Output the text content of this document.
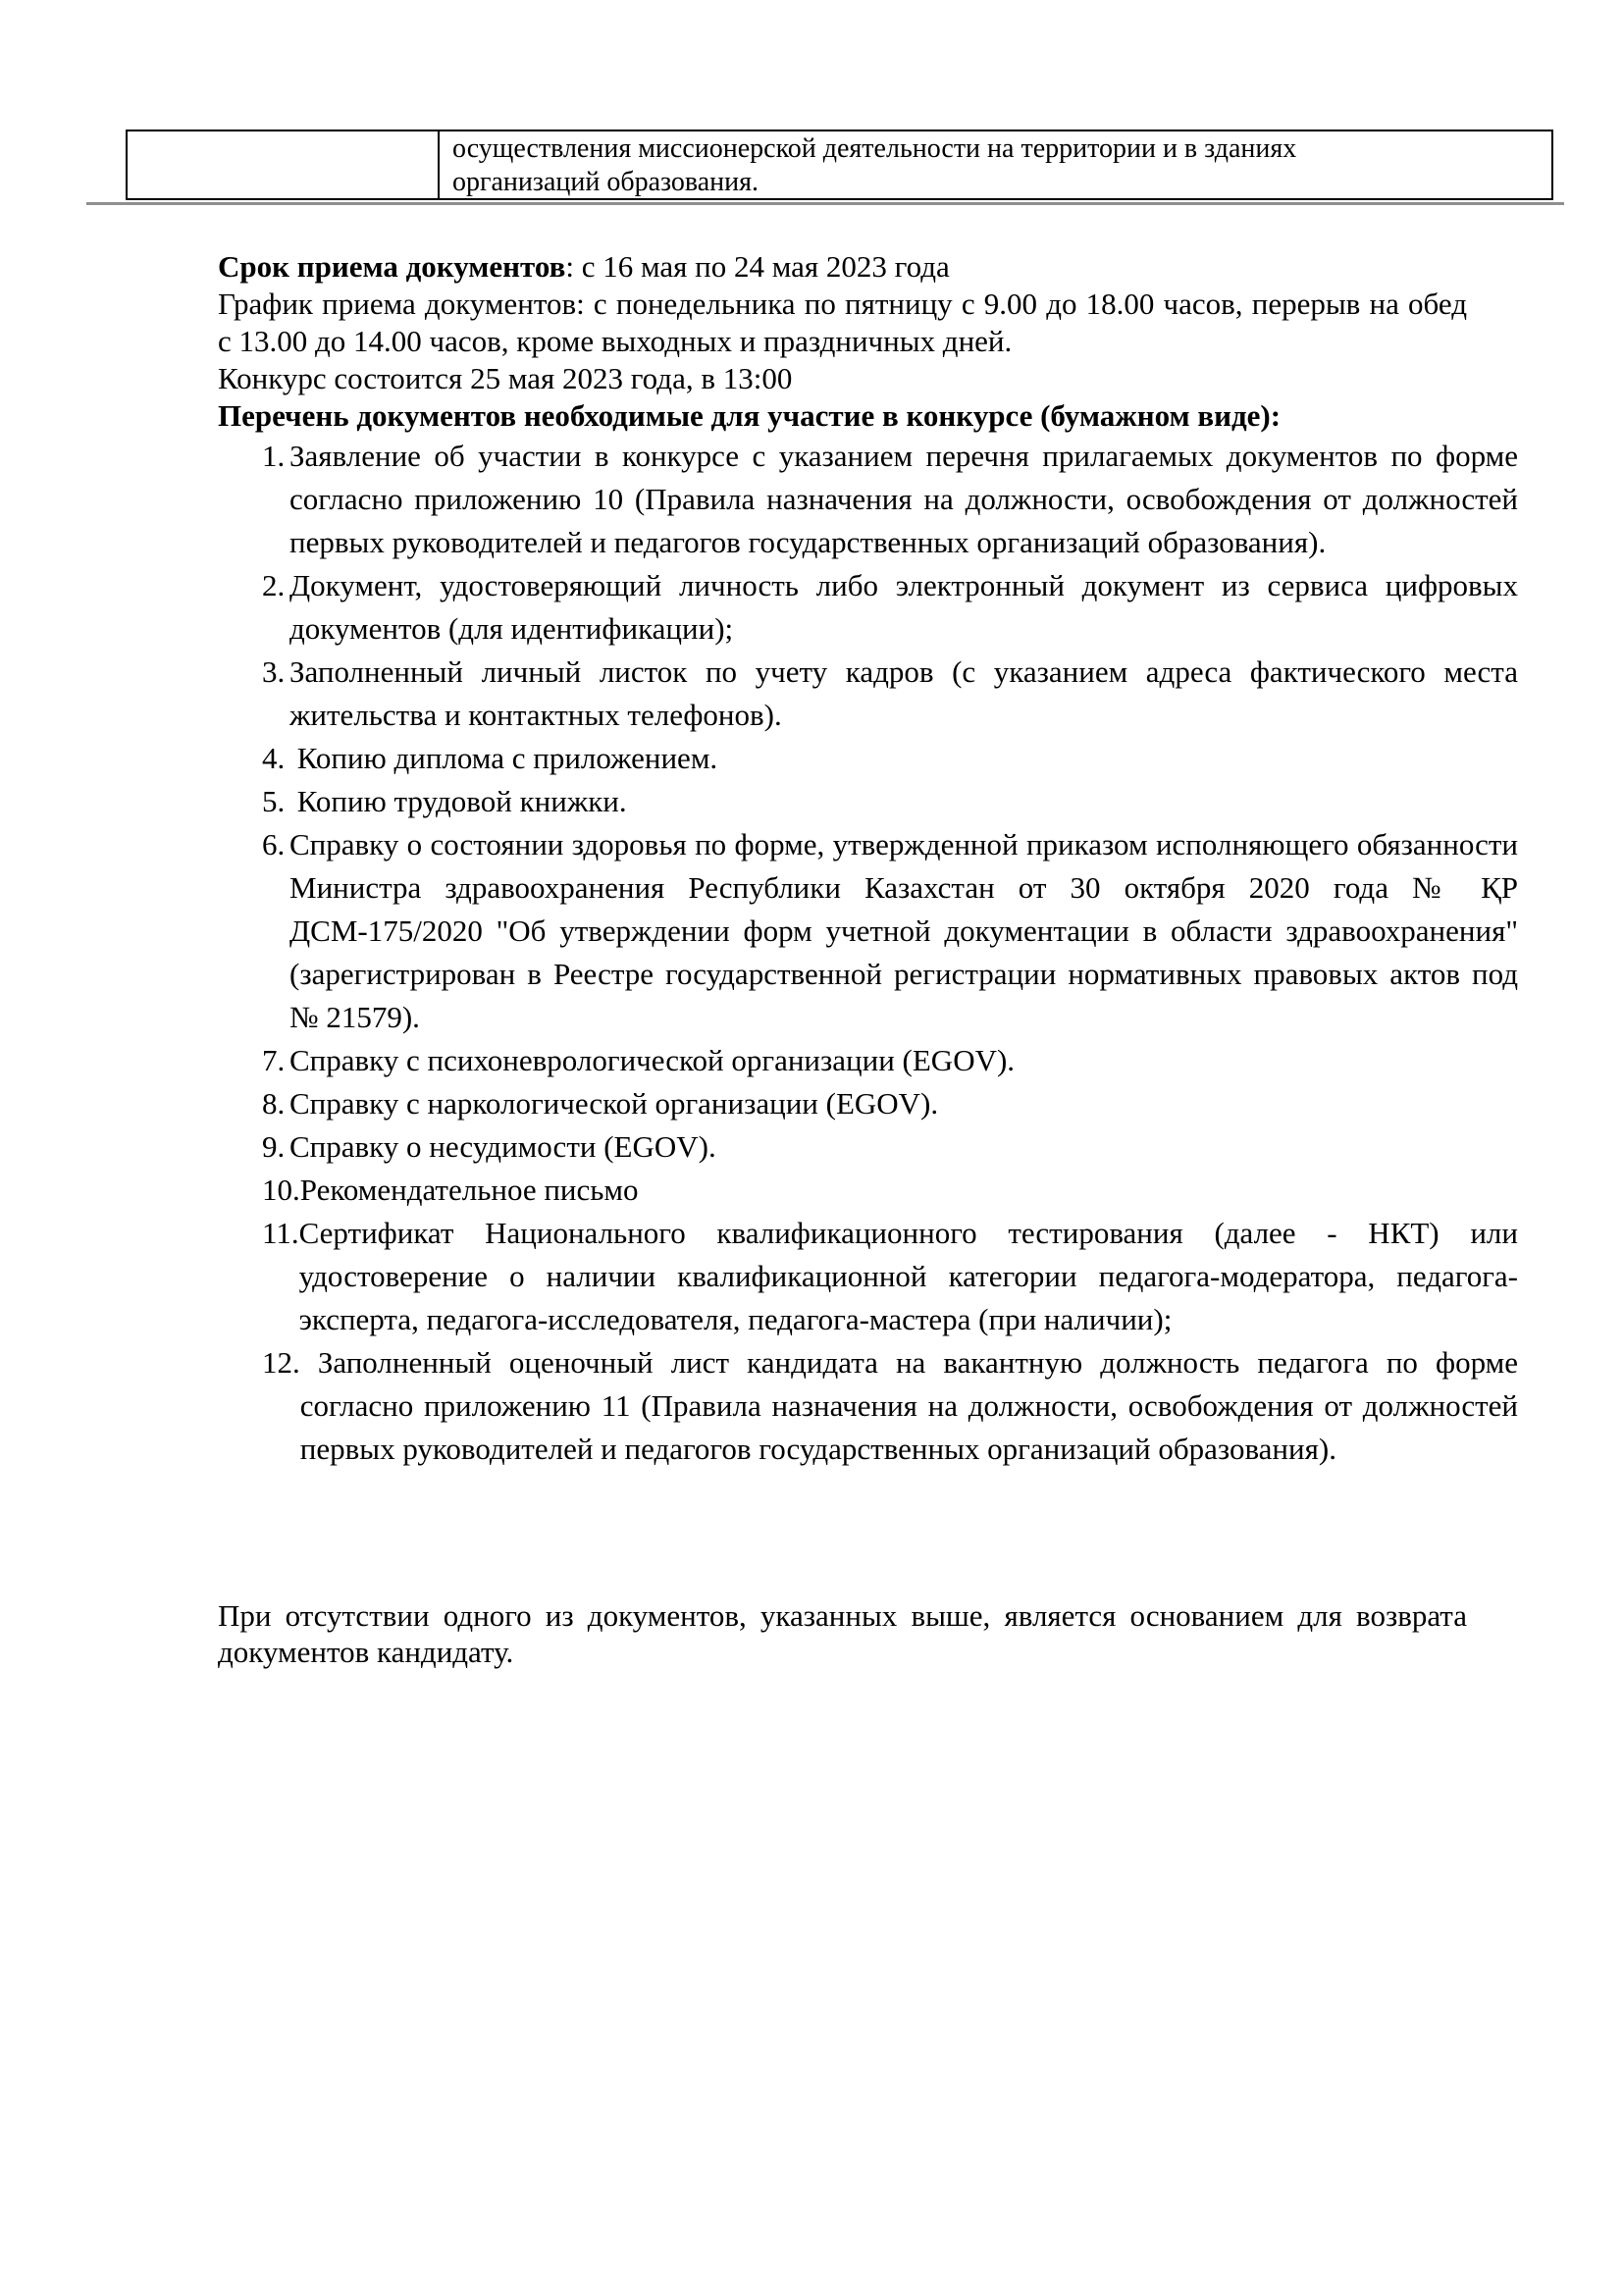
осуществления миссионерской деятельности на территории и в зданиях
организаций образования.

Срок приема документов: с 16 мая по 24 мая 2023 года

График приема документов: с понедельника по пятницу с 9.00 до 18.00 часов, перерыв на обед с 13.00 до 14.00 часов, кроме выходных и праздничных дней.

Конкурс состоится 25 мая 2023 года, в 13:00

Перечень документов необходимые для участие в конкурсе (бумажном виде):

1. Заявление об участии в конкурсе с указанием перечня прилагаемых документов по форме согласно приложению 10 (Правила назначения на должности, освобождения от должностей первых руководителей и педагогов государственных организаций образования).
2. Документ, удостоверяющий личность либо электронный документ из сервиса цифровых документов (для идентификации);
3. Заполненный личный листок по учету кадров (с указанием адреса фактического места жительства и контактных телефонов).
4. Копию диплома с приложением.
5. Копию трудовой книжки.
6. Справку о состоянии здоровья по форме, утвержденной приказом исполняющего обязанности Министра здравоохранения Республики Казахстан от 30 октября 2020 года № ҚР ДСМ-175/2020 "Об утверждении форм учетной документации в области здравоохранения" (зарегистрирован в Реестре государственной регистрации нормативных правовых актов под № 21579).
7. Справку с психоневрологической организации (EGOV).
8. Справку с наркологической организации (EGOV).
9. Справку о несудимости (EGOV).
10. Рекомендательное письмо
11. Сертификат Национального квалификационного тестирования (далее - НКТ) или удостоверение о наличии квалификационной категории педагога-модератора, педагога-эксперта, педагога-исследователя, педагога-мастера (при наличии);
12. Заполненный оценочный лист кандидата на вакантную должность педагога по форме согласно приложению 11 (Правила назначения на должности, освобождения от должностей первых руководителей и педагогов государственных организаций образования).

При отсутствии одного из документов, указанных выше, является основанием для возврата документов кандидату.
